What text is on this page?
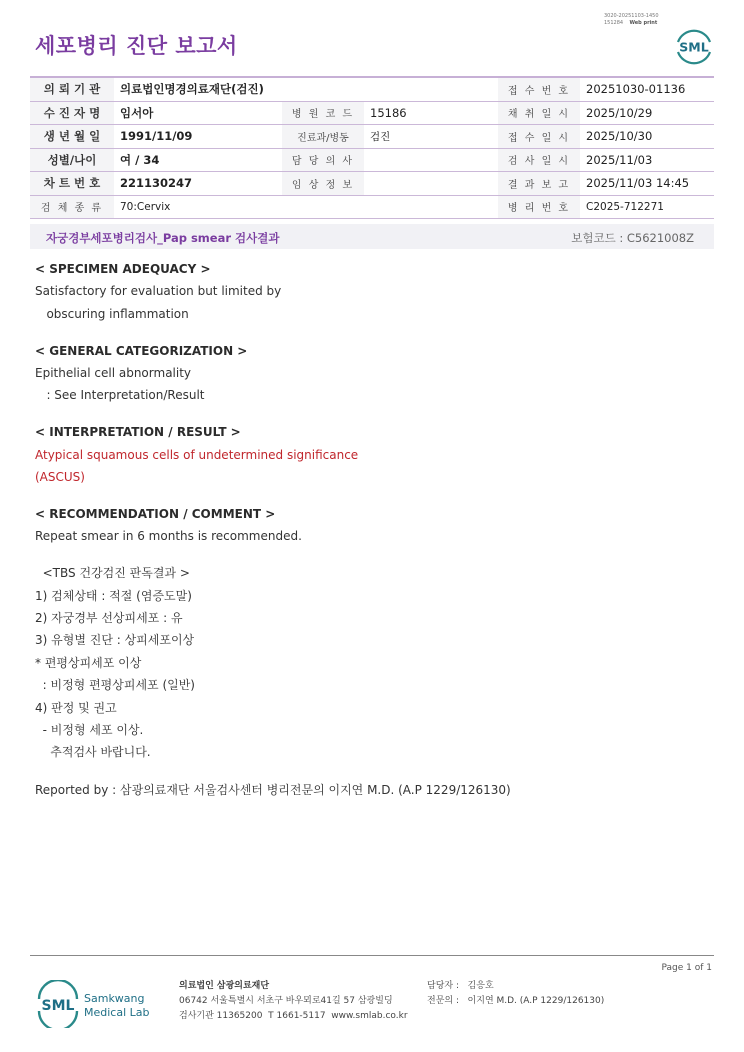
3020-20251103-1450
151284 Web print
세포병리 진단 보고서	SML
의 뢰 기 관	의료법인명경의료재단(검진)			접 수 번 호	20251030-01136
수 진 자 명	임서아	병 원 코 드	15186	채 취 일 시	2025/10/29
생 년 월 일	1991/11/09	진료과/병동	검진	접 수 일 시	2025/10/30
성별/나이	여 / 34	담 당 의 사		검 사 일 시	2025/11/03
차 트 번 호	221130247	임 상 정 보		결 과 보 고	2025/11/03 14:45
검 체 종 류	70:Cervix			병 리 번 호	C2025-712271
자궁경부세포병리검사_Pap smear 검사결과	보험코드 : C5621008Z
< SPECIMEN ADEQUACY >
Satisfactory for evaluation but limited by
obscuring inflammation
< GENERAL CATEGORIZATION >
Epithelial cell abnormality
: See Interpretation/Result
< INTERPRETATION / RESULT >
Atypical squamous cells of undetermined significance
(ASCUS)
< RECOMMENDATION / COMMENT >
Repeat smear in 6 months is recommended.
<TBS 건강검진 판독결과 >
1) 검체상태 : 적절 (염증도말)
2) 자궁경부 선상피세포 : 유
3) 유형별 진단 : 상피세포이상
* 편평상피세포 이상
: 비정형 편평상피세포 (일반)
4) 판정 및 권고
- 비정형 세포 이상.
추적검사 바랍니다.
Reported by : 삼광의료재단 서울검사센터 병리전문의 이지연 M.D. (A.P 1229/126130)
Page 1 of 1
SML Samkwang
Medical Lab
의료법인 삼광의료재단
06742 서울특별시 서초구 바우뫼로41길 57 삼광빌딩
검사기관 11365200  T 1661-5117  www.smlab.co.kr
담당자 :   김응호
전문의 :   이지연 M.D. (A.P 1229/126130)
